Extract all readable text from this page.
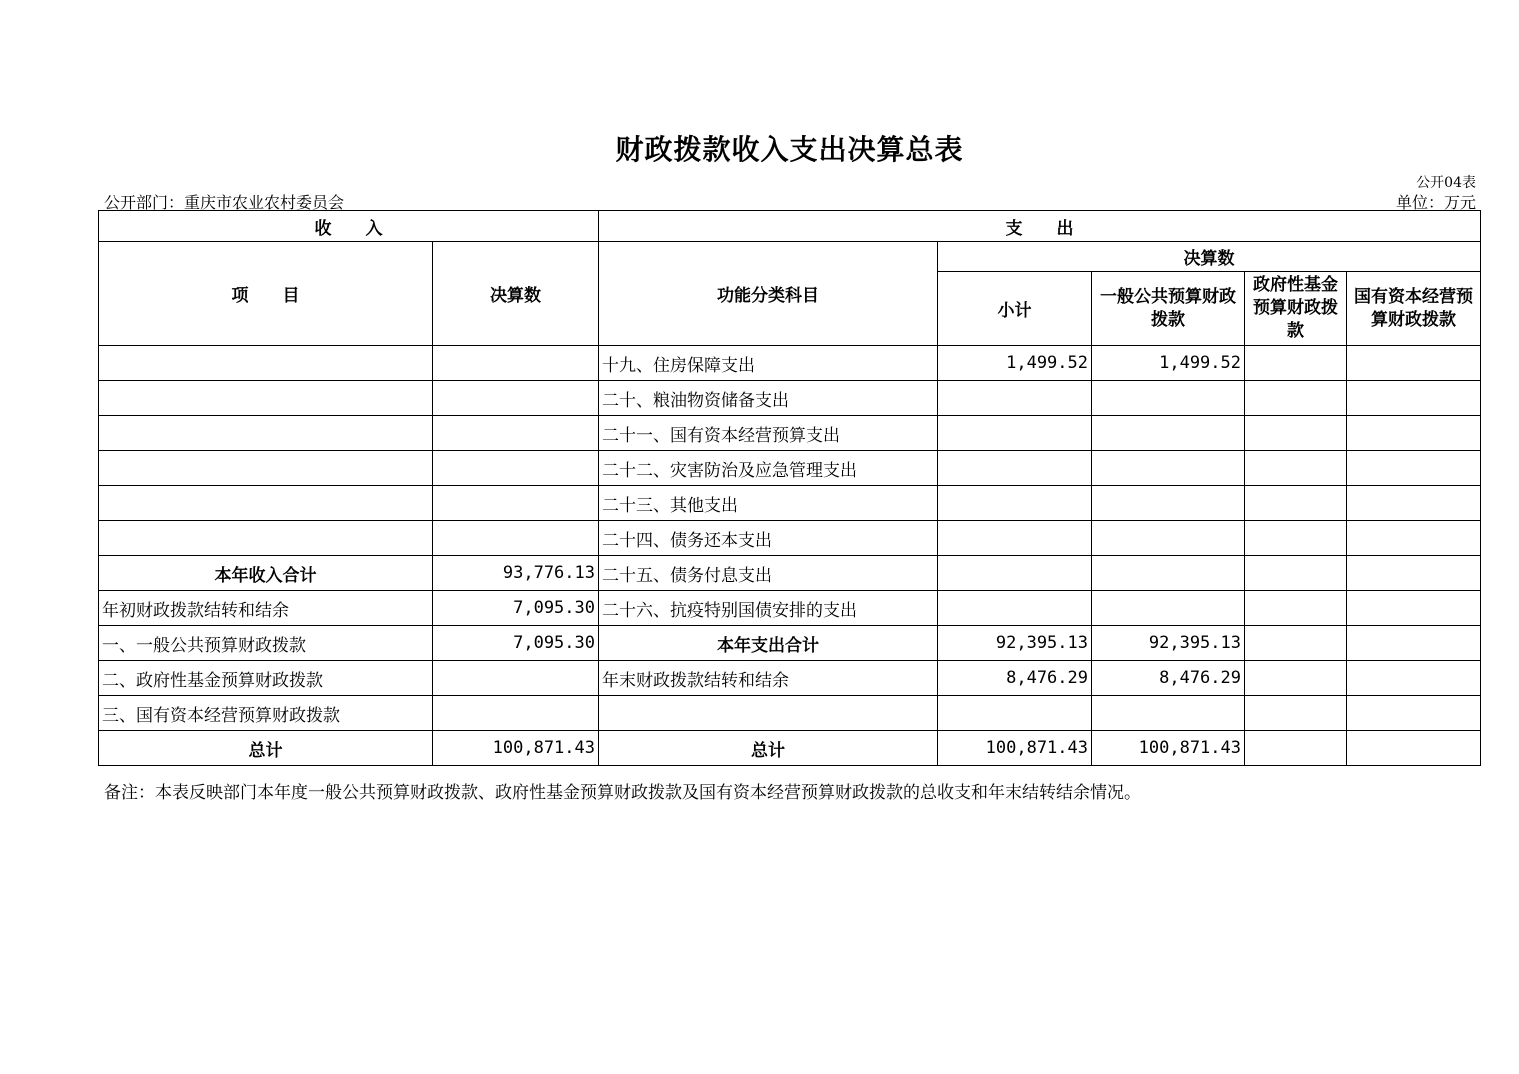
财政拨款收入支出决算总表
公开04表
公开部门：重庆市农业农村委员会	单位：万元
收　　入		支　　出				
项　　目	决算数	功能分类科目	决算数			
			小计	一般公共预算财政拨款	政府性基金预算财政拨款	国有资本经营预算财政拨款
		十九、住房保障支出	1,499.52	1,499.52		
		二十、粮油物资储备支出				
		二十一、国有资本经营预算支出				
		二十二、灾害防治及应急管理支出				
		二十三、其他支出				
		二十四、债务还本支出				
本年收入合计	93,776.13	二十五、债务付息支出				
年初财政拨款结转和结余	7,095.30	二十六、抗疫特别国债安排的支出				
一、一般公共预算财政拨款	7,095.30	本年支出合计	92,395.13	92,395.13		
二、政府性基金预算财政拨款		年末财政拨款结转和结余	8,476.29	8,476.29		
三、国有资本经营预算财政拨款						
总计	100,871.43	总计	100,871.43	100,871.43		
备注：本表反映部门本年度一般公共预算财政拨款、政府性基金预算财政拨款及国有资本经营预算财政拨款的总收支和年末结转结余情况。
